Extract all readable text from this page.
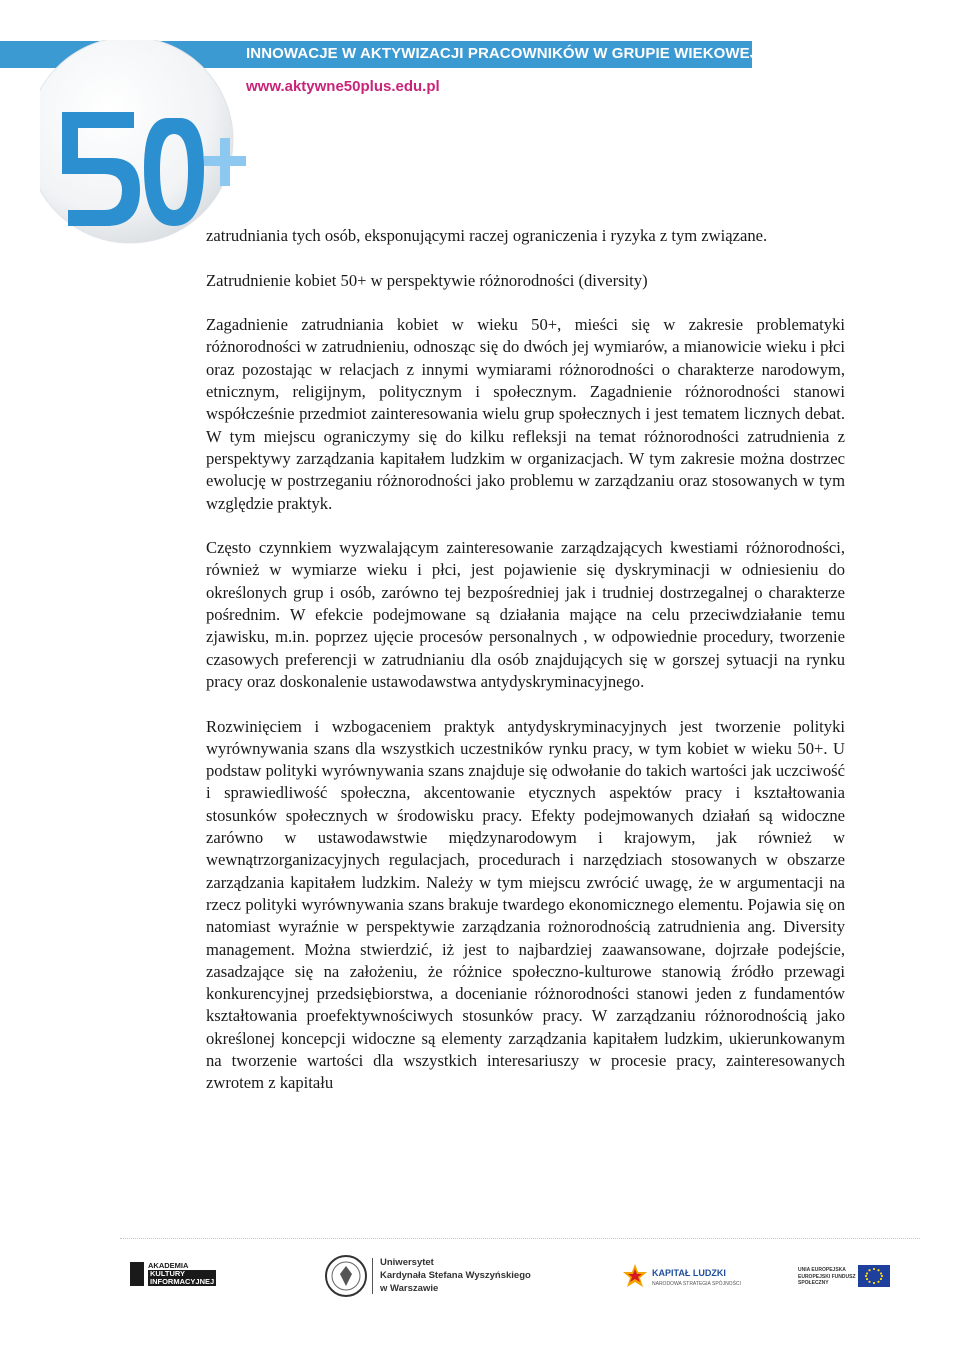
INNOWACJE W AKTYWIZACJI PRACOWNIKÓW W GRUPIE WIEKOWEJ 50+
www.aktywne50plus.edu.pl

zatrudniania tych osób, eksponującymi raczej ograniczenia i ryzyka z tym związane.

Zatrudnienie kobiet 50+ w perspektywie różnorodności (diversity)

Zagadnienie zatrudniania kobiet w wieku 50+, mieści się w zakresie problematyki różnorodności w zatrudnieniu, odnosząc się do dwóch jej wymiarów, a mianowicie wieku i płci oraz pozostając w relacjach z innymi wymiarami różnorodności o charakterze narodowym, etnicznym, religijnym, politycznym i społecznym. Zagadnienie różnorodności stanowi współcześnie przedmiot zainteresowania wielu grup społecznych i jest tematem licznych debat. W tym miejscu ograniczymy się do kilku refleksji na temat różnorodności zatrudnienia z perspektywy zarządzania kapitałem ludzkim w organizacjach. W tym zakresie można dostrzec ewolucję w postrzeganiu różnorodności jako problemu w zarządzaniu oraz stosowanych w tym względzie praktyk.

Często czynnkiem wyzwalającym zainteresowanie zarządzających kwestiami różnorodności, również w wymiarze wieku i płci, jest pojawienie się dyskryminacji w odniesieniu do określonych grup i osób, zarówno tej bezpośredniej jak i trudniej dostrzegalnej o charakterze pośrednim. W efekcie podejmowane są działania mające na celu przeciwdziałanie temu zjawisku, m.in. poprzez ujęcie procesów personalnych , w odpowiednie procedury, tworzenie czasowych preferencji w zatrudnianiu dla osób znajdujących się w gorszej sytuacji na rynku pracy oraz doskonalenie ustawodawstwa antydyskryminacyjnego.

Rozwinięciem i wzbogaceniem praktyk antydyskryminacyjnych jest tworzenie polityki wyrównywania szans dla wszystkich uczestników rynku pracy, w tym kobiet w wieku 50+. U podstaw polityki wyrównywania szans znajduje się odwołanie do takich wartości jak uczciwość i sprawiedliwość społeczna, akcentowanie etycznych aspektów pracy i kształtowania stosunków społecznych w środowisku pracy. Efekty podejmowanych działań są widoczne zarówno w ustawodawstwie międzynarodowym i krajowym, jak również w wewnątrzorganizacyjnych regulacjach, procedurach i narzędziach stosowanych w obszarze zarządzania kapitałem ludzkim. Należy w tym miejscu zwrócić uwagę, że w argumentacji na rzecz polityki wyrównywania szans brakuje twardego ekonomicznego elementu. Pojawia się on natomiast wyraźnie w perspektywie zarządzania rożnorodnością zatrudnienia ang. Diversity management. Można stwierdzić, iż jest to najbardziej zaawansowane, dojrzałe podejście, zasadzające się na założeniu, że różnice społeczno-kulturowe stanowią źródło przewagi konkurencyjnej przedsiębiorstwa, a docenianie różnorodności stanowi jeden z fundamentów kształtowania proefektywnościwych stosunków pracy. W zarządzaniu różnorodnością jako określonej koncepcji widoczne są elementy zarządzania kapitałem ludzkim, ukierunkowanym na tworzenie wartości dla wszystkich interesariuszy w procesie pracy, zainteresowanych zwrotem z kapitału

AKADEMIA
KULTURY
INFORMACYJNEJ
Uniwersytet
Kardynała Stefana Wyszyńskiego
w Warszawie
KAPITAŁ LUDZKI
NARODOWA STRATEGIA SPÓJNOŚCI
UNIA EUROPEJSKA
EUROPEJSKI FUNDUSZ
SPOŁECZNY
